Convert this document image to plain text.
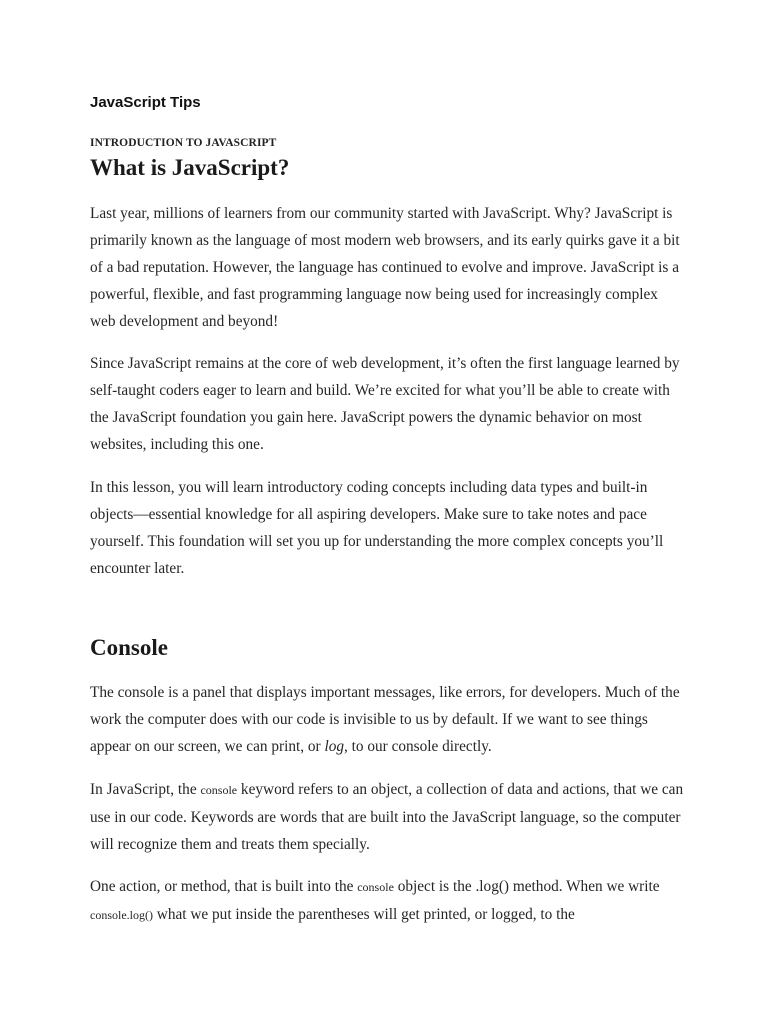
JavaScript Tips
INTRODUCTION TO JAVASCRIPT
What is JavaScript?

Last year, millions of learners from our community started with JavaScript. Why? JavaScript is primarily known as the language of most modern web browsers, and its early quirks gave it a bit of a bad reputation. However, the language has continued to evolve and improve. JavaScript is a powerful, flexible, and fast programming language now being used for increasingly complex web development and beyond!

Since JavaScript remains at the core of web development, it’s often the first language learned by self-taught coders eager to learn and build. We’re excited for what you’ll be able to create with the JavaScript foundation you gain here. JavaScript powers the dynamic behavior on most websites, including this one.

In this lesson, you will learn introductory coding concepts including data types and built-in objects—essential knowledge for all aspiring developers. Make sure to take notes and pace yourself. This foundation will set you up for understanding the more complex concepts you’ll encounter later.

Console

The console is a panel that displays important messages, like errors, for developers. Much of the work the computer does with our code is invisible to us by default. If we want to see things appear on our screen, we can print, or log, to our console directly.

In JavaScript, the console keyword refers to an object, a collection of data and actions, that we can use in our code. Keywords are words that are built into the JavaScript language, so the computer will recognize them and treats them specially.

One action, or method, that is built into the console object is the .log() method. When we write console.log() what we put inside the parentheses will get printed, or logged, to the
